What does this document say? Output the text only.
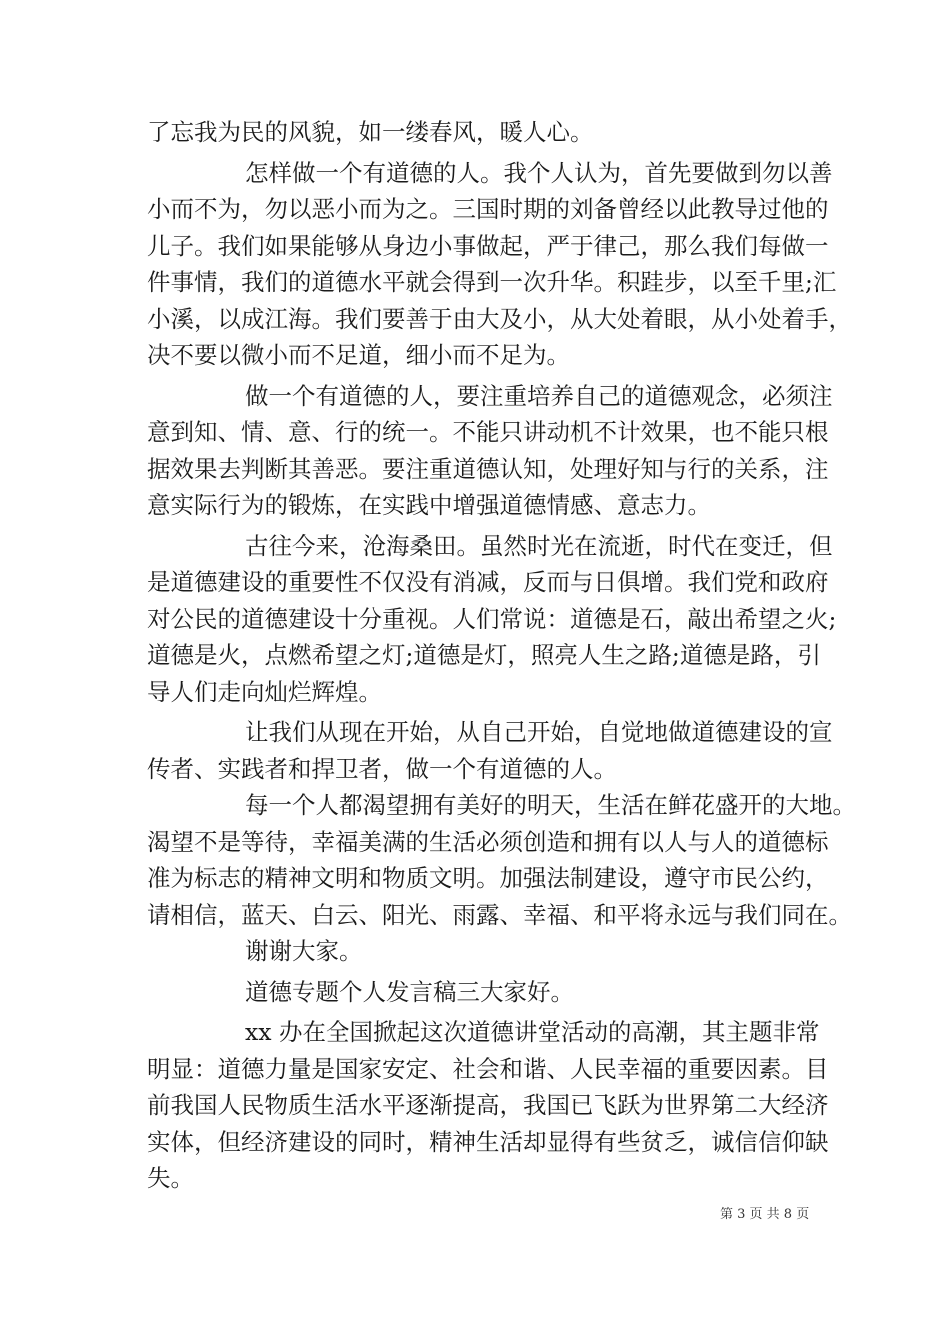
了忘我为民的风貌，如一缕春风，暖人心。
怎样做一个有道德的人。我个人认为，首先要做到勿以善
小而不为，勿以恶小而为之。三国时期的刘备曾经以此教导过他的
儿子。我们如果能够从身边小事做起，严于律己，那么我们每做一
件事情，我们的道德水平就会得到一次升华。积跬步，以至千里;汇
小溪，以成江海。我们要善于由大及小，从大处着眼，从小处着手，
决不要以微小而不足道，细小而不足为。
做一个有道德的人，要注重培养自己的道德观念，必须注
意到知、情、意、行的统一。不能只讲动机不计效果，也不能只根
据效果去判断其善恶。要注重道德认知，处理好知与行的关系，注
意实际行为的锻炼，在实践中增强道德情感、意志力。
古往今来，沧海桑田。虽然时光在流逝，时代在变迁，但
是道德建设的重要性不仅没有消减，反而与日俱增。我们党和政府
对公民的道德建设十分重视。人们常说：道德是石，敲出希望之火;
道德是火，点燃希望之灯;道德是灯，照亮人生之路;道德是路，引
导人们走向灿烂辉煌。
让我们从现在开始，从自己开始，自觉地做道德建设的宣
传者、实践者和捍卫者，做一个有道德的人。
每一个人都渴望拥有美好的明天，生活在鲜花盛开的大地。
渴望不是等待，幸福美满的生活必须创造和拥有以人与人的道德标
准为标志的精神文明和物质文明。加强法制建设，遵守市民公约，
请相信，蓝天、白云、阳光、雨露、幸福、和平将永远与我们同在。
谢谢大家。
道德专题个人发言稿三大家好。
xx 办在全国掀起这次道德讲堂活动的高潮，其主题非常
明显：道德力量是国家安定、社会和谐、人民幸福的重要因素。目
前我国人民物质生活水平逐渐提高，我国已飞跃为世界第二大经济
实体，但经济建设的同时，精神生活却显得有些贫乏，诚信信仰缺
失。
第 3 页 共 8 页
